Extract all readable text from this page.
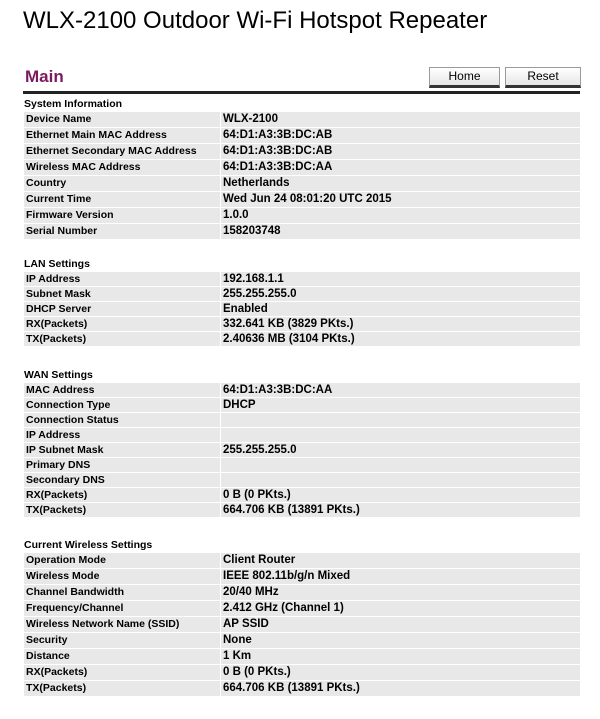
WLX-2100 Outdoor Wi-Fi Hotspot Repeater
Main	Home	Reset
System Information
Device Name	WLX-2100
Ethernet Main MAC Address	64:D1:A3:3B:DC:AB
Ethernet Secondary MAC Address	64:D1:A3:3B:DC:AB
Wireless MAC Address	64:D1:A3:3B:DC:AA
Country	Netherlands
Current Time	Wed Jun 24 08:01:20 UTC 2015
Firmware Version	1.0.0
Serial Number	158203748
LAN Settings
IP Address	192.168.1.1
Subnet Mask	255.255.255.0
DHCP Server	Enabled
RX(Packets)	332.641 KB (3829 PKts.)
TX(Packets)	2.40636 MB (3104 PKts.)
WAN Settings
MAC Address	64:D1:A3:3B:DC:AA
Connection Type	DHCP
Connection Status	
IP Address	
IP Subnet Mask	255.255.255.0
Primary DNS	
Secondary DNS	
RX(Packets)	0 B (0 PKts.)
TX(Packets)	664.706 KB (13891 PKts.)
Current Wireless Settings
Operation Mode	Client Router
Wireless Mode	IEEE 802.11b/g/n Mixed
Channel Bandwidth	20/40 MHz
Frequency/Channel	2.412 GHz (Channel 1)
Wireless Network Name (SSID)	AP SSID
Security	None
Distance	1 Km
RX(Packets)	0 B (0 PKts.)
TX(Packets)	664.706 KB (13891 PKts.)
